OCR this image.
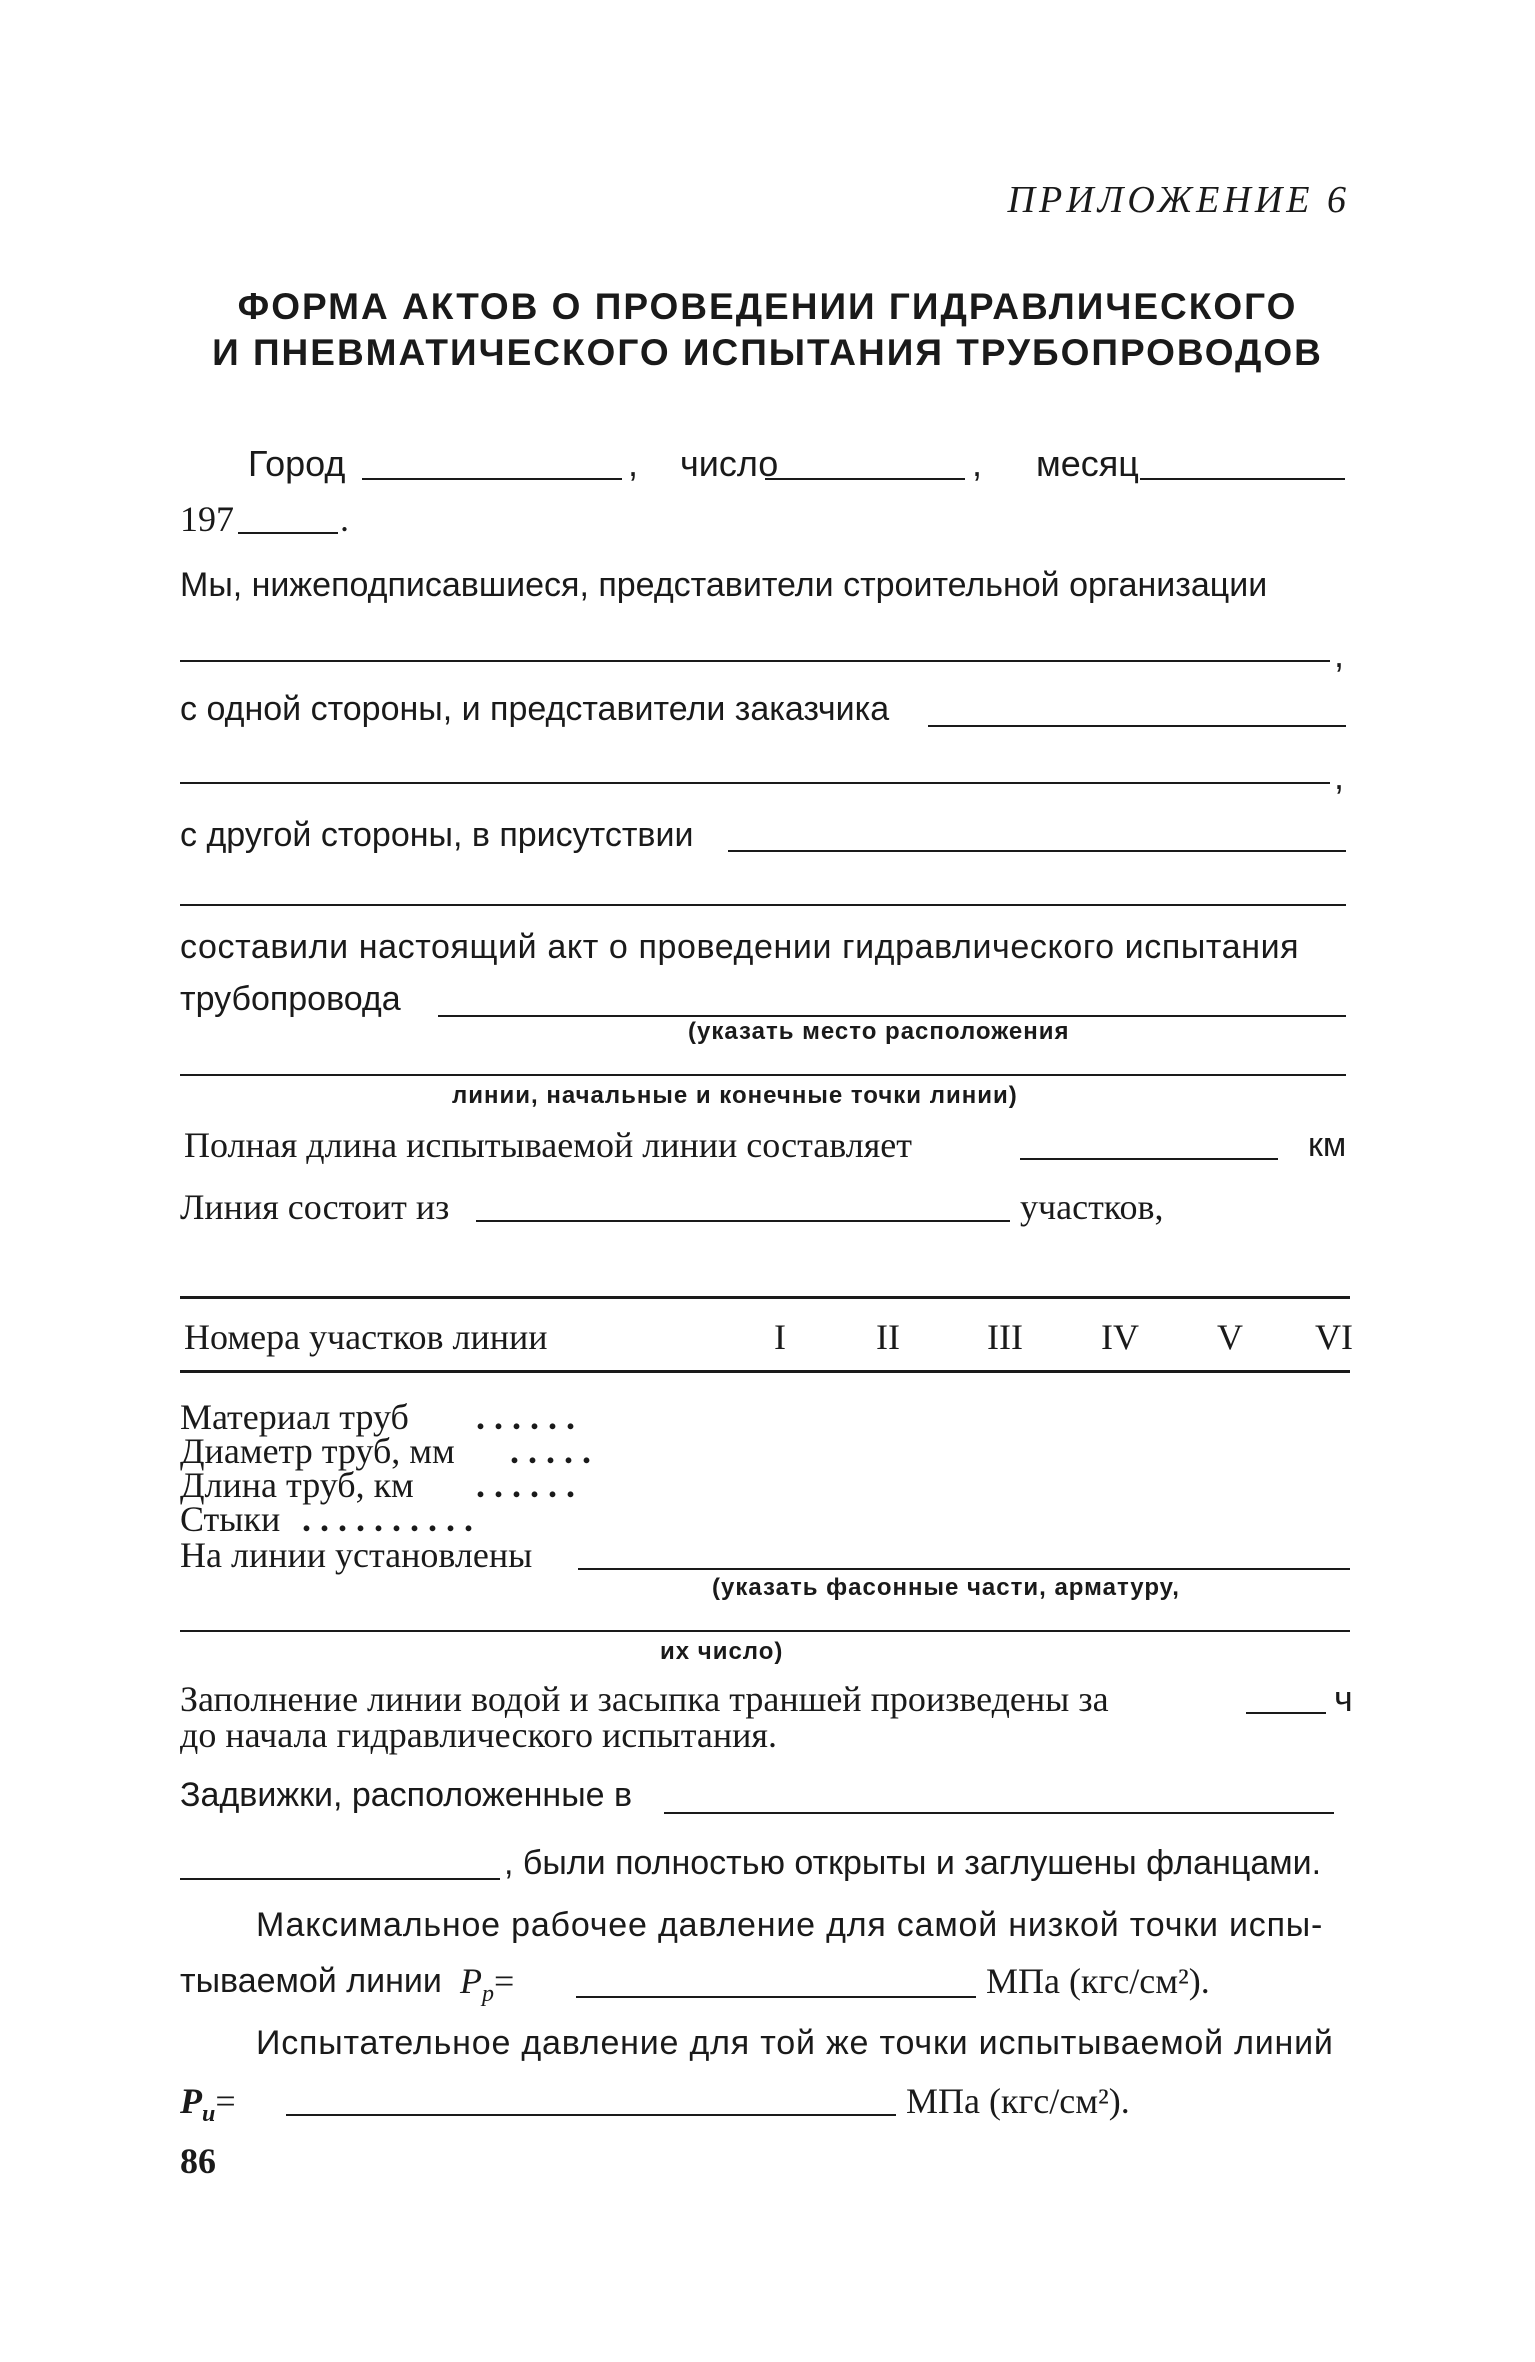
ПРИЛОЖЕНИЕ 6
ФОРМА АКТОВ О ПРОВЕДЕНИИ ГИДРАВЛИЧЕСКОГО
И ПНЕВМАТИЧЕСКОГО ИСПЫТАНИЯ ТРУБОПРОВОДОВ
Город	, число	, месяц
197	.
Мы, нижеподписавшиеся, представители строительной организации
,
с одной стороны, и представители заказчика
,
с другой стороны, в присутствии
составили настоящий акт о проведении гидравлического испытания
трубопровода
(указать место расположения
линии, начальные и конечные точки линии)
Полная длина испытываемой линии составляет	км
Линия состоит из	участков,
Номера участков линии	I	II	III	IV	V	VI
Материал труб . . . . . .
Диаметр труб, мм . . . . .
Длина труб, км . . . . . .
Стыки . . . . . . . . . .
На линии установлены
(указать фасонные части, арматуру,
их число)
Заполнение линии водой и засыпка траншей произведены за	ч
до начала гидравлического испытания.
Задвижки, расположенные в
, были полностью открыты и заглушены фланцами.
Максимальное рабочее давление для самой низкой точки испы-
тываемой линии $P_р=$	МПа (кгс/см²).
Испытательное давление для той же точки испытываемой линий
$P_и=$	МПа (кгс/см²).
86
